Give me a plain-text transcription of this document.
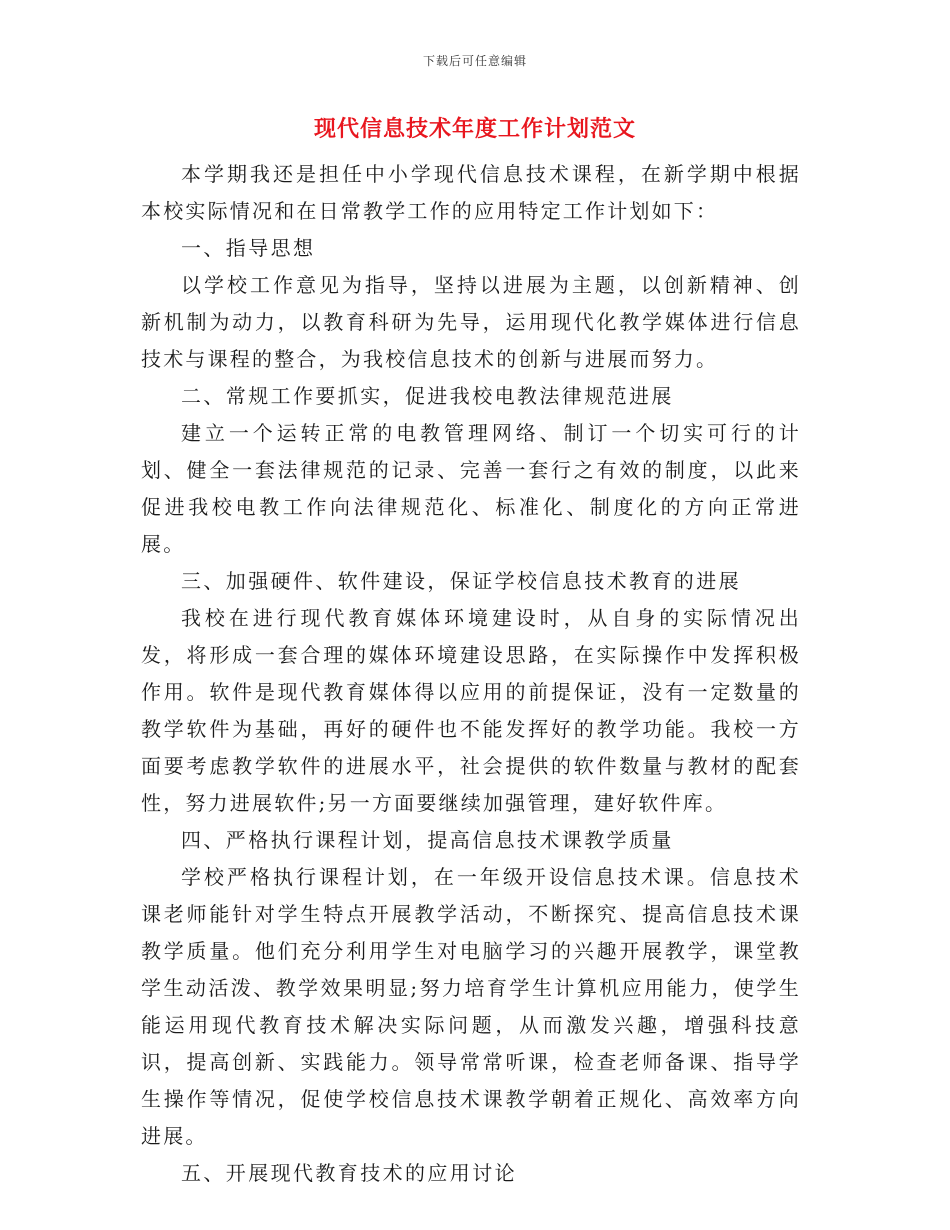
下载后可任意编辑
现代信息技术年度工作计划范文

本学期我还是担任中小学现代信息技术课程，在新学期中根据本校实际情况和在日常教学工作的应用特定工作计划如下：

一、指导思想

以学校工作意见为指导，坚持以进展为主题，以创新精神、创新机制为动力，以教育科研为先导，运用现代化教学媒体进行信息技术与课程的整合，为我校信息技术的创新与进展而努力。

二、常规工作要抓实，促进我校电教法律规范进展

建立一个运转正常的电教管理网络、制订一个切实可行的计划、健全一套法律规范的记录、完善一套行之有效的制度，以此来促进我校电教工作向法律规范化、标准化、制度化的方向正常进展。

三、加强硬件、软件建设，保证学校信息技术教育的进展

我校在进行现代教育媒体环境建设时，从自身的实际情况出发，将形成一套合理的媒体环境建设思路，在实际操作中发挥积极作用。软件是现代教育媒体得以应用的前提保证，没有一定数量的教学软件为基础，再好的硬件也不能发挥好的教学功能。我校一方面要考虑教学软件的进展水平，社会提供的软件数量与教材的配套性，努力进展软件;另一方面要继续加强管理，建好软件库。

四、严格执行课程计划，提高信息技术课教学质量

学校严格执行课程计划，在一年级开设信息技术课。信息技术课老师能针对学生特点开展教学活动，不断探究、提高信息技术课教学质量。他们充分利用学生对电脑学习的兴趣开展教学，课堂教学生动活泼、教学效果明显;努力培育学生计算机应用能力，使学生能运用现代教育技术解决实际问题，从而激发兴趣，增强科技意识，提高创新、实践能力。领导常常听课，检查老师备课、指导学生操作等情况，促使学校信息技术课教学朝着正规化、高效率方向进展。

五、开展现代教育技术的应用讨论
